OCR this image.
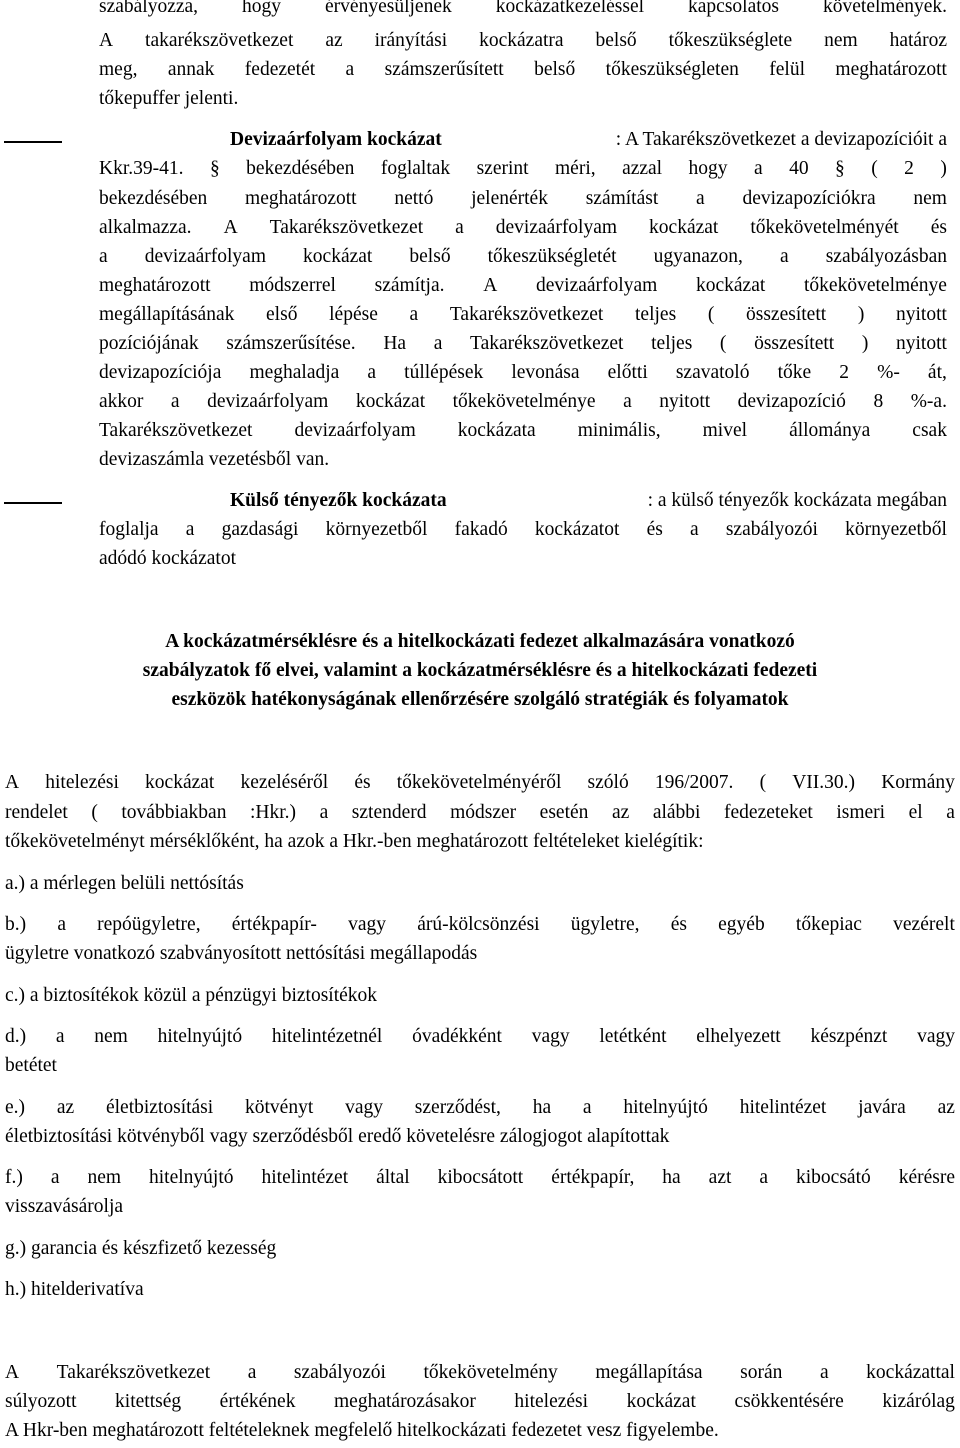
szabályozza, hogy érvényesüljenek kockázatkezeléssel kapcsolatos követelmények.
A takarékszövetkezet az irányítási kockázatra belső tőkeszükséglete nem határoz
meg, annak fedezetét a számszerűsített belső tőkeszükségleten felül meghatározott
tőkepuffer jelenti.
Devizaárfolyam kockázat	: A Takarékszövetkezet a devizapozícióit a
Kkr.39-41. § bekezdésében foglaltak szerint méri, azzal hogy a 40 § ( 2 )
bekezdésében meghatározott nettó jelenérték számítást a devizapozíciókra nem
alkalmazza. A Takarékszövetkezet a devizaárfolyam kockázat tőkekövetelményét és
a devizaárfolyam kockázat belső tőkeszükségletét ugyanazon, a szabályozásban
meghatározott módszerrel számítja. A devizaárfolyam kockázat tőkekövetelménye
megállapításának első lépése a Takarékszövetkezet teljes ( összesített ) nyitott
pozíciójának számszerűsítése. Ha a Takarékszövetkezet teljes ( összesített ) nyitott
devizapozíciója meghaladja a túllépések levonása előtti szavatoló tőke 2 %- át,
akkor a devizaárfolyam kockázat tőkekövetelménye a nyitott devizapozíció 8 %-a.
Takarékszövetkezet devizaárfolyam kockázata minimális, mivel állománya csak
devizaszámla vezetésből van.
Külső tényezők kockázata	: a külső tényezők kockázata megában
foglalja a gazdasági környezetből fakadó kockázatot és a szabályozói környezetből
adódó kockázatot
A kockázatmérséklésre és a hitelkockázati fedezet alkalmazására vonatkozó
szabályzatok fő elvei, valamint a kockázatmérséklésre és a hitelkockázati fedezeti
eszközök hatékonyságának ellenőrzésére szolgáló stratégiák és folyamatok
A hitelezési kockázat kezeléséről és tőkekövetelményéről szóló 196/2007. ( VII.30.) Kormány
rendelet ( továbbiakban :Hkr.) a sztenderd módszer esetén az alábbi fedezeteket ismeri el a
tőkekövetelményt mérséklőként, ha azok a Hkr.-ben meghatározott feltételeket kielégítik:
a.) a mérlegen belüli nettósítás
b.) a repóügyletre, értékpapír- vagy árú-kölcsönzési ügyletre, és egyéb tőkepiac vezérelt
ügyletre vonatkozó szabványosított nettósítási megállapodás
c.) a biztosítékok közül a pénzügyi biztosítékok
d.) a nem hitelnyújtó hitelintézetnél óvadékként vagy letétként elhelyezett készpénzt vagy
betétet
e.) az életbiztosítási kötvényt vagy szerződést, ha a hitelnyújtó hitelintézet javára az
életbiztosítási kötvényből vagy szerződésből eredő követelésre zálogjogot alapítottak
f.) a nem hitelnyújtó hitelintézet által kibocsátott értékpapír, ha azt a kibocsátó kérésre
visszavásárolja
g.) garancia és készfizető kezesség
h.) hitelderivatíva
A Takarékszövetkezet a szabályozói tőkekövetelmény megállapítása során a kockázattal
súlyozott kitettség értékének meghatározásakor hitelezési kockázat csökkentésére kizárólag
A Hkr-ben meghatározott feltételeknek megfelelő hitelkockázati fedezetet vesz figyelembe.
